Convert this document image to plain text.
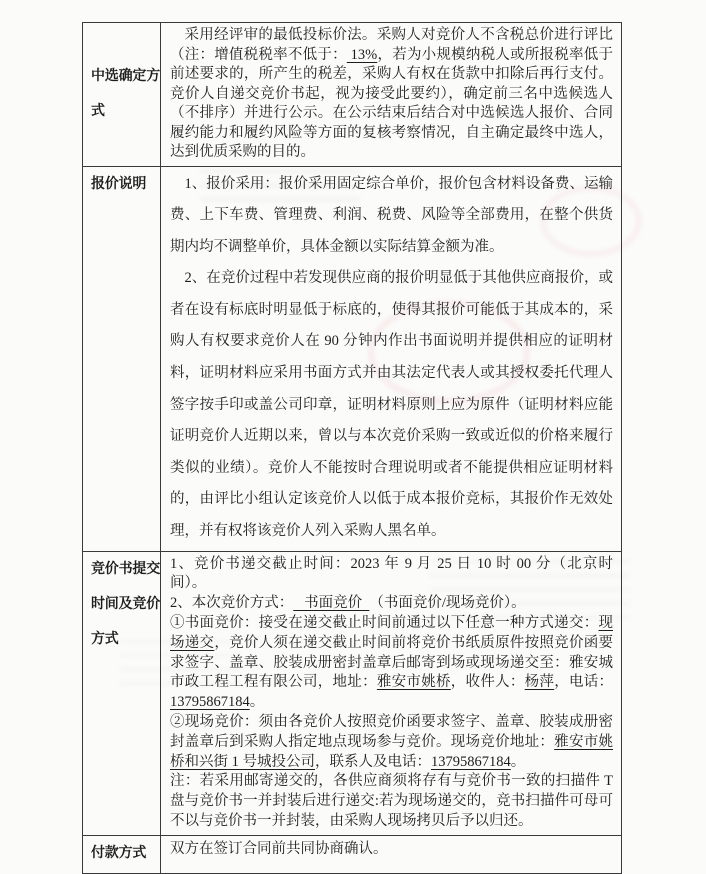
中选确定方
式

采用经评审的最低投标价法。采购人对竞价人不含税总价进行评比（注：增值税税率不低于： 13%，若为小规模纳税人或所报税率低于前述要求的，所产生的税差，采购人有权在货款中扣除后再行支付。竞价人自递交竞价书起，视为接受此要约），确定前三名中选候选人（不排序）并进行公示。在公示结束后结合对中选候选人报价、合同履约能力和履约风险等方面的复核考察情况，自主确定最终中选人，达到优质采购的目的。

报价说明	1、报价采用：报价采用固定综合单价，报价包含材料设备费、运输费、上下车费、管理费、利润、税费、风险等全部费用，在整个供货期内均不调整单价，具体金额以实际结算金额为准。

2、在竞价过程中若发现供应商的报价明显低于其他供应商报价，或者在设有标底时明显低于标底的，使得其报价可能低于其成本的，采购人有权要求竞价人在 90 分钟内作出书面说明并提供相应的证明材料，证明材料应采用书面方式并由其法定代表人或其授权委托代理人签字按手印或盖公司印章，证明材料原则上应为原件（证明材料应能证明竞价人近期以来，曾以与本次竞价采购一致或近似的价格来履行类似的业绩）。竞价人不能按时合理说明或者不能提供相应证明材料的，由评比小组认定该竞价人以低于成本报价竞标，其报价作无效处理，并有权将该竞价人列入采购人黑名单。

竞价书提交
时间及竞价
方式

1、竞价书递交截止时间：2023 年 9 月 25 日 10 时 00 分（北京时间）。

2、本次竞价方式：   书面竞价  （书面竞价/现场竞价）。

①书面竞价：接受在递交截止时间前通过以下任意一种方式递交：现场递交，竞价人须在递交截止时间前将竞价书纸质原件按照竞价函要求签字、盖章、胶装成册密封盖章后邮寄到场或现场递交至：雅安城市政工程工程有限公司，地址：雅安市姚桥，收件人：杨萍，电话：13795867184。

②现场竞价：须由各竞价人按照竞价函要求签字、盖章、胶装成册密封盖章后到采购人指定地点现场参与竞价。现场竞价地址：雅安市姚桥和兴街 1 号城投公司，联系人及电话：13795867184。

注：若采用邮寄递交的，各供应商须将存有与竞价书一致的扫描件 T 盘与竞价书一并封装后进行递交:若为现场递交的，竞书扫描件可母可不以与竞价书一并封装，由采购人现场拷贝后予以归还。

付款方式 双方在签订合同前共同协商确认。
